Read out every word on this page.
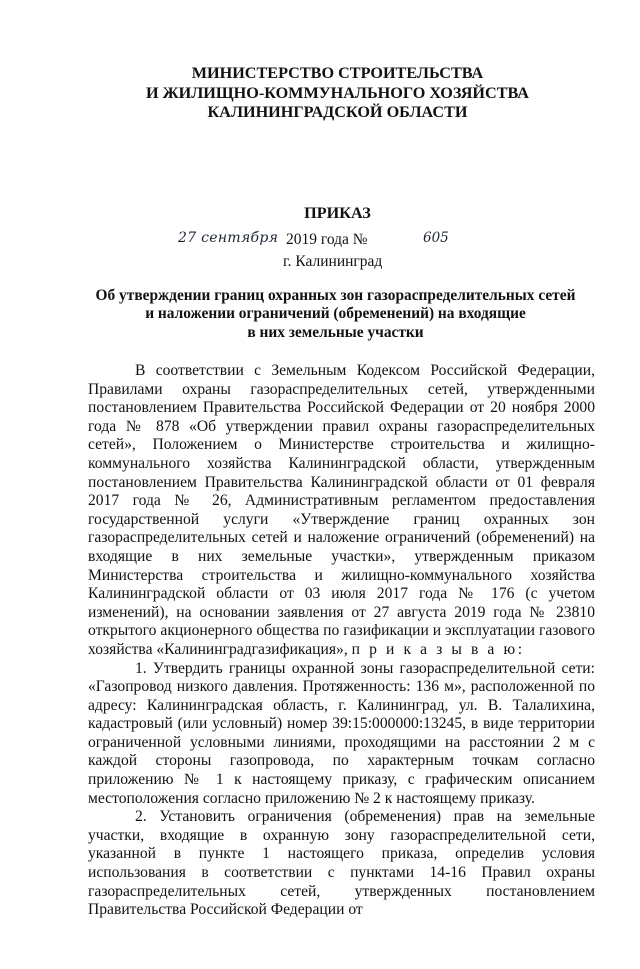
МИНИСТЕРСТВО СТРОИТЕЛЬСТВА
И ЖИЛИЩНО-КОММУНАЛЬНОГО ХОЗЯЙСТВА
КАЛИНИНГРАДСКОЙ ОБЛАСТИ
ПРИКАЗ
27 сентября 2019 года №	605
г. Калининград
Об утверждении границ охранных зон газораспределительных сетей
и наложении ограничений (обременений) на входящие
в них земельные участки

В соответствии с Земельным Кодексом Российской Федерации, Правилами охраны газораспределительных сетей, утвержденными постановлением Правительства Российской Федерации от 20 ноября 2000 года № 878 «Об утверждении правил охраны газораспределительных сетей», Положением о Министерстве строительства и жилищно-коммунального хозяйства Калининградской области, утвержденным постановлением Правительства Калининградской области от 01 февраля 2017 года № 26, Административным регламентом предоставления государственной услуги «Утверждение границ охранных зон газораспределительных сетей и наложение ограничений (обременений) на входящие в них земельные участки», утвержденным приказом Министерства строительства и жилищно-коммунального хозяйства Калининградской области от 03 июля 2017 года № 176 (с учетом изменений), на основании заявления от 27 августа 2019 года № 23810 открытого акционерного общества по газификации и эксплуатации газового хозяйства «Калининградгазификация», п р и к а з ы в а ю:

1. Утвердить границы охранной зоны газораспределительной сети: «Газопровод низкого давления. Протяженность: 136 м», расположенной по адресу: Калининградская область, г. Калининград, ул. В. Талалихина, кадастровый (или условный) номер 39:15:000000:13245, в виде территории ограниченной условными линиями, проходящими на расстоянии 2 м с каждой стороны газопровода, по характерным точкам согласно приложению № 1 к настоящему приказу, с графическим описанием местоположения согласно приложению № 2 к настоящему приказу.

2. Установить ограничения (обременения) прав на земельные участки, входящие в охранную зону газораспределительной сети, указанной в пункте 1 настоящего приказа, определив условия использования в соответствии с пунктами 14-16 Правил охраны газораспределительных сетей, утвержденных постановлением Правительства Российской Федерации от
